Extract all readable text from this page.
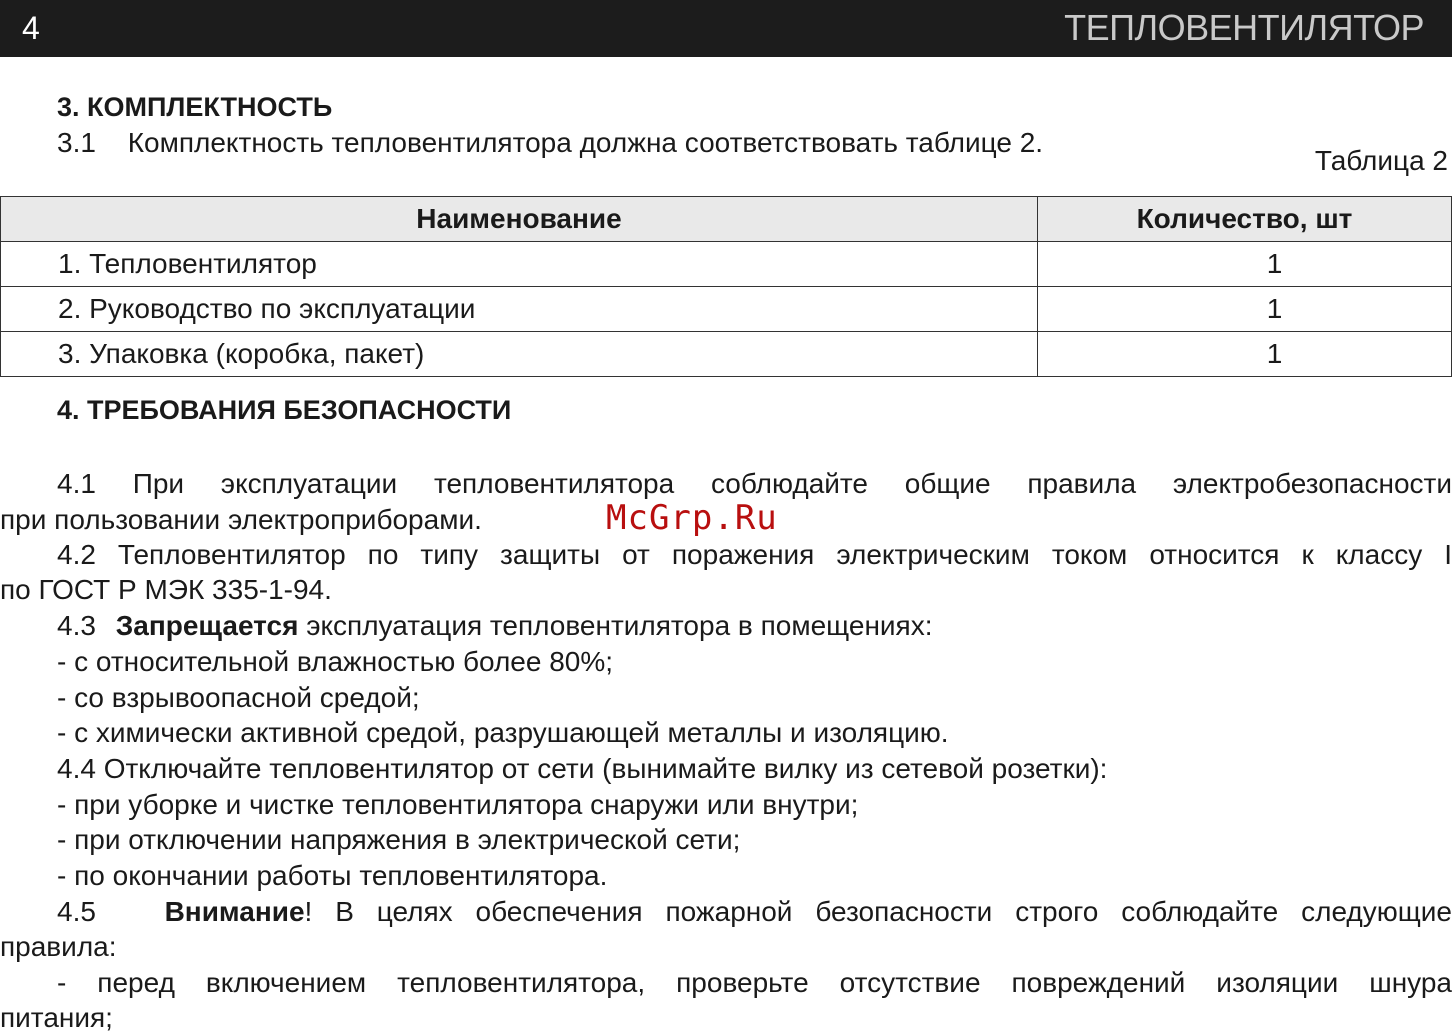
4	ТЕПЛОВЕНТИЛЯТОР
3. КОМПЛЕКТНОСТЬ
3.1 Комплектность тепловентилятора должна соответствовать таблице 2.
Таблица 2
Наименование	Количество, шт
1. Тепловентилятор	1
2. Руководство по эксплуатации	1
3. Упаковка (коробка, пакет)	1
4. ТРЕБОВАНИЯ БЕЗОПАСНОСТИ
4.1 При эксплуатации тепловентилятора соблюдайте общие правила электробезопасности
при пользовании электроприборами.	McGrp.Ru
4.2 Тепловентилятор по типу защиты от поражения электрическим током относится к классу I
по ГОСТ Р МЭК 335-1-94.
4.3 Запрещается эксплуатация тепловентилятора в помещениях:
- с относительной влажностью более 80%;
- со взрывоопасной средой;
- с химически активной средой, разрушающей металлы и изоляцию.
4.4 Отключайте тепловентилятор от сети (вынимайте вилку из сетевой розетки):
- при уборке и чистке тепловентилятора снаружи или внутри;
- при отключении напряжения в электрической сети;
- по окончании работы тепловентилятора.
4.5 Внимание! В целях обеспечения пожарной безопасности строго соблюдайте следующие
правила:
- перед включением тепловентилятора, проверьте отсутствие повреждений изоляции шнура
питания;
